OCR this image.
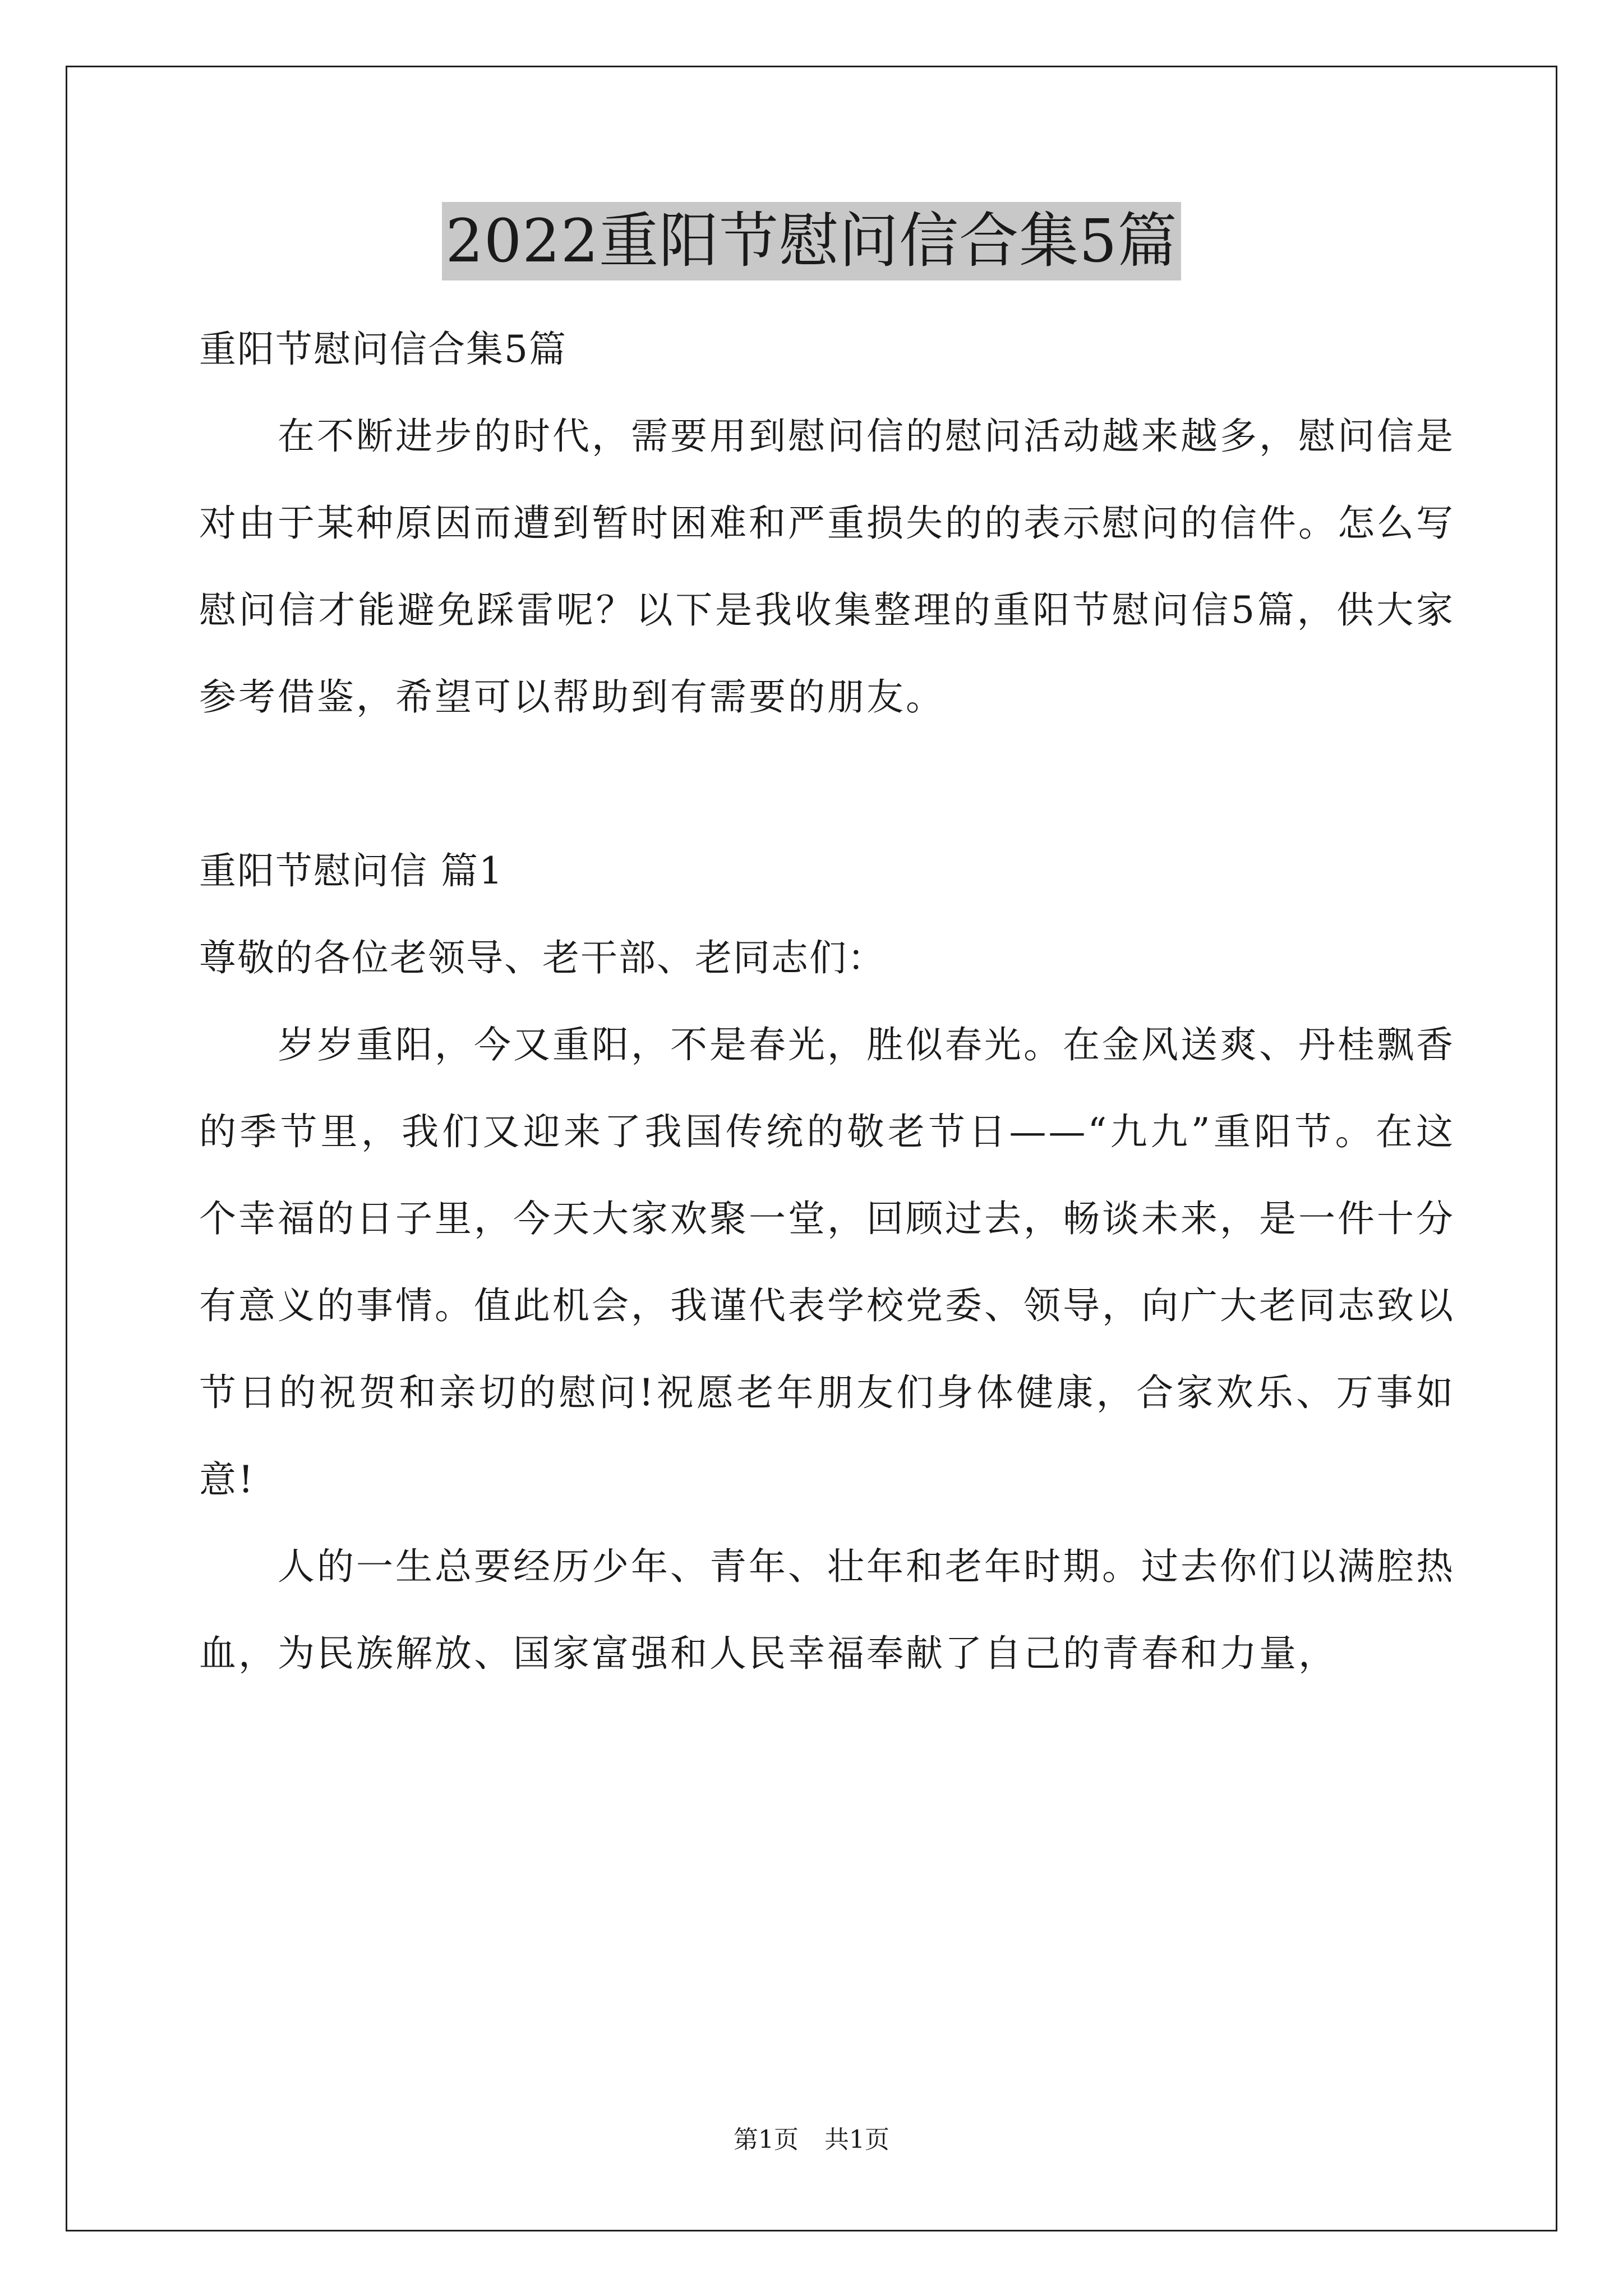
2022重阳节慰问信合集5篇
重阳节慰问信合集5篇

在不断进步的时代，需要用到慰问信的慰问活动越来越多，慰问信是对由于某种原因而遭到暂时困难和严重损失的的表示慰问的信件。怎么写慰问信才能避免踩雷呢？以下是我收集整理的重阳节慰问信5篇，供大家参考借鉴，希望可以帮助到有需要的朋友。

重阳节慰问信 篇1
尊敬的各位老领导、老干部、老同志们：

岁岁重阳，今又重阳，不是春光，胜似春光。在金风送爽、丹桂飘香的季节里，我们又迎来了我国传统的敬老节日——“九九”重阳节。在这个幸福的日子里，今天大家欢聚一堂，回顾过去，畅谈未来，是一件十分有意义的事情。值此机会，我谨代表学校党委、领导，向广大老同志致以节日的祝贺和亲切的慰问!祝愿老年朋友们身体健康，合家欢乐、万事如意!

人的一生总要经历少年、青年、壮年和老年时期。过去你们以满腔热血，为民族解放、国家富强和人民幸福奉献了自己的青春和力量，

第1页 共1页
